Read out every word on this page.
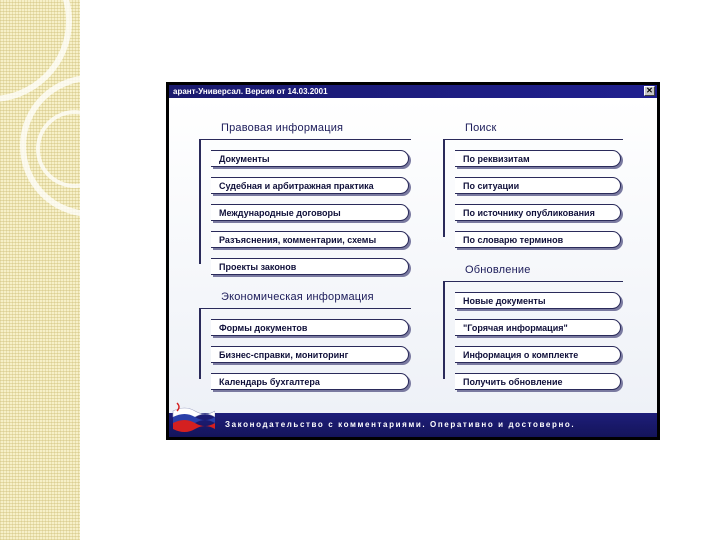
арант-Универсал. Версия от 14.03.2001	✕
Правовая информация
Документы
Судебная и арбитражная практика
Международные договоры
Разъяснения, комментарии, схемы
Проекты законов
Экономическая информация
Формы документов
Бизнес-справки, мониторинг
Календарь бухгалтера
Поиск
По реквизитам
По ситуации
По источнику опубликования
По словарю терминов
Обновление
Новые документы
"Горячая информация"
Информация о комплекте
Получить обновление
Законодательство с комментариями. Оперативно и достоверно.
